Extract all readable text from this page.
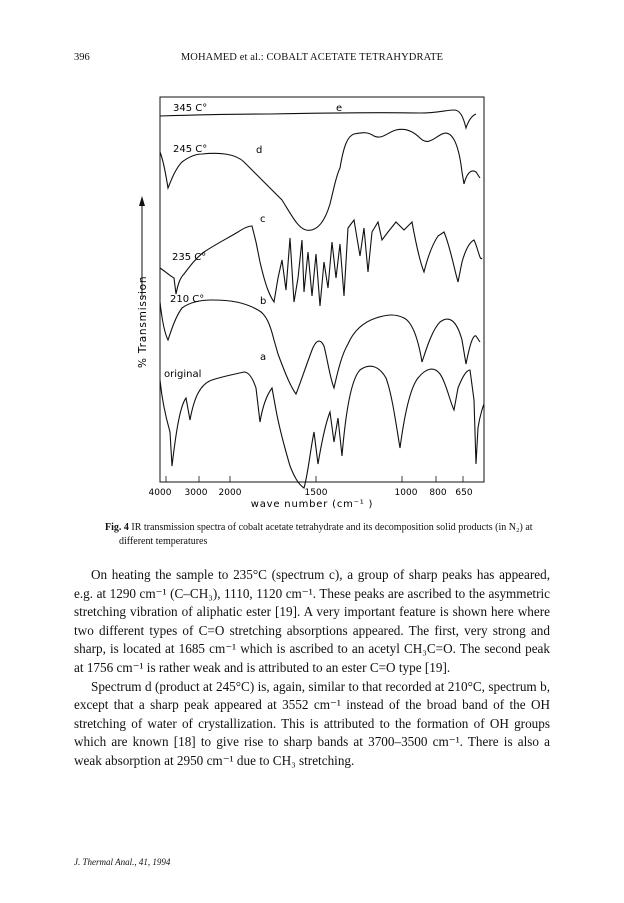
396	MOHAMED et al.: COBALT ACETATE TETRAHYDRATE
% Transmission
345 C°	e
245 C°	d
c
235 C°
210 C°	b
a
original
4000 3000 2000	1500	1000 800 650
wave number (cm⁻¹ )
Fig. 4 IR transmission spectra of cobalt acetate tetrahydrate and its decomposition solid products (in N₂) at different temperatures

On heating the sample to 235°C (spectrum c), a group of sharp peaks has appeared, e.g. at 1290 cm⁻¹ (C–CH₃), 1110, 1120 cm⁻¹. These peaks are ascribed to the asymmetric stretching vibration of aliphatic ester [19]. A very important feature is shown here where two different types of C=O stretching absorptions appeared. The first, very strong and sharp, is located at 1685 cm⁻¹ which is ascribed to an acetyl CH₃C=O. The second peak at 1756 cm⁻¹ is rather weak and is attributed to an ester C=O type [19].

Spectrum d (product at 245°C) is, again, similar to that recorded at 210°C, spectrum b, except that a sharp peak appeared at 3552 cm⁻¹ instead of the broad band of the OH stretching of water of crystallization. This is attributed to the formation of OH groups which are known [18] to give rise to sharp bands at 3700–3500 cm⁻¹. There is also a weak absorption at 2950 cm⁻¹ due to CH₃ stretching.

J. Thermal Anal., 41, 1994
